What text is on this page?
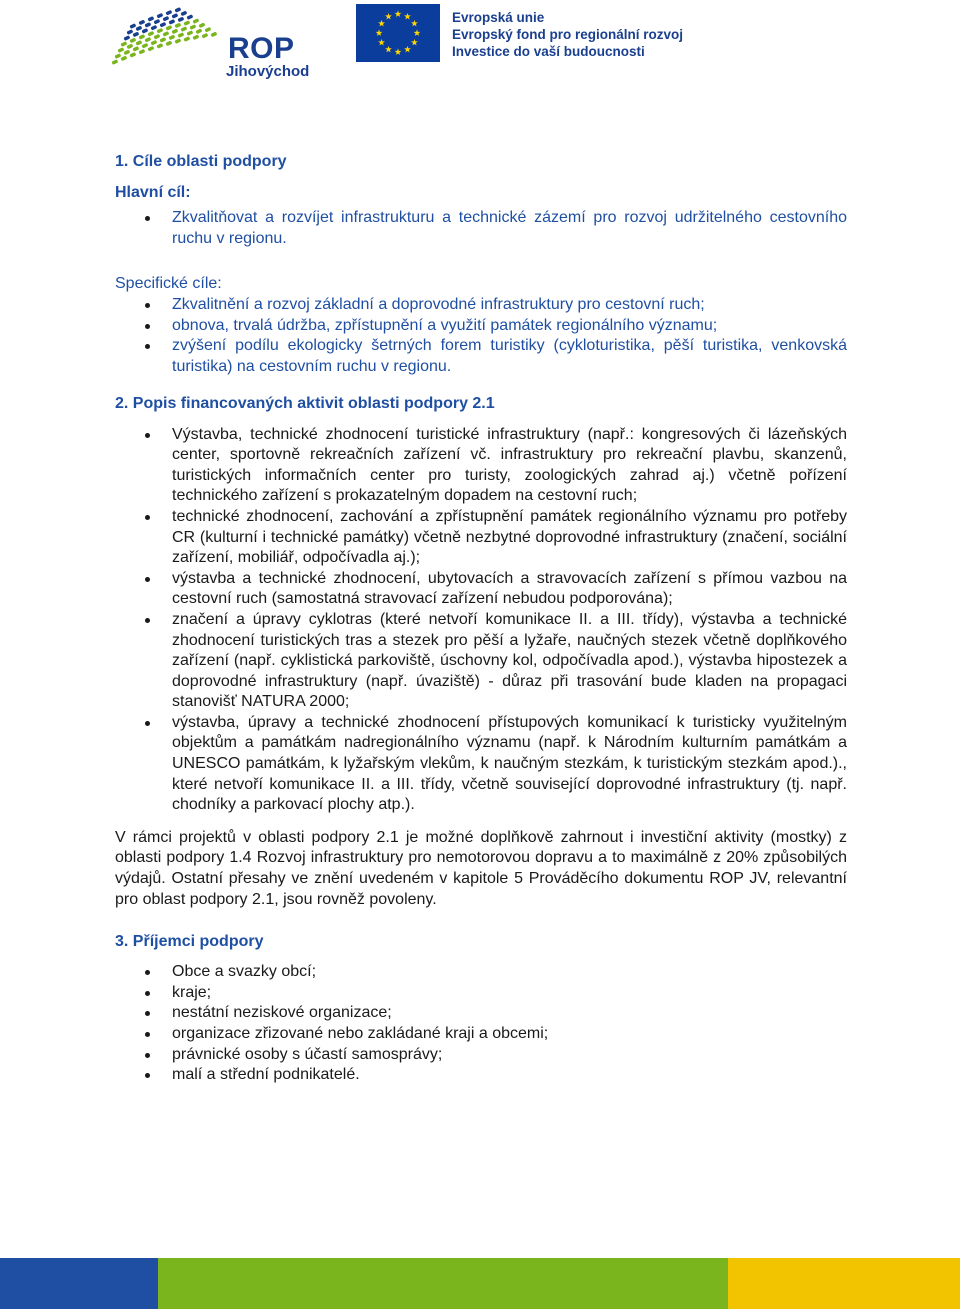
ROP
Jihovýchod
Evropská unie
Evropský fond pro regionální rozvoj
Investice do vaší budoucnosti
1. Cíle oblasti podpory
Hlavní cíl:
Zkvalitňovat a rozvíjet infrastrukturu a technické zázemí pro rozvoj udržitelného cestovního ruchu v regionu.
Specifické cíle:
Zkvalitnění a rozvoj základní a doprovodné infrastruktury pro cestovní ruch;
obnova, trvalá údržba, zpřístupnění a využití památek regionálního významu;
zvýšení podílu ekologicky šetrných forem turistiky (cykloturistika, pěší turistika, venkovská turistika) na cestovním ruchu v regionu.
2. Popis financovaných aktivit oblasti podpory 2.1
Výstavba, technické zhodnocení turistické infrastruktury (např.: kongresových či lázeňských center, sportovně rekreačních zařízení vč. infrastruktury pro rekreační plavbu, skanzenů, turistických informačních center pro turisty, zoologických zahrad aj.) včetně pořízení technického zařízení s prokazatelným dopadem na cestovní ruch;
technické zhodnocení, zachování a zpřístupnění památek regionálního významu pro potřeby CR (kulturní i technické památky) včetně nezbytné doprovodné infrastruktury (značení, sociální zařízení, mobiliář, odpočívadla aj.);
výstavba a technické zhodnocení, ubytovacích a stravovacích zařízení s přímou vazbou na cestovní ruch (samostatná stravovací zařízení nebudou podporována);
značení a úpravy cyklotras (které netvoří komunikace II. a III. třídy), výstavba a technické zhodnocení turistických tras a stezek pro pěší a lyžaře, naučných stezek včetně doplňkového zařízení (např. cyklistická parkoviště, úschovny kol, odpočívadla apod.), výstavba hipostezek a doprovodné infrastruktury (např. úvaziště) - důraz při trasování bude kladen na propagaci stanovišť NATURA 2000;
výstavba, úpravy a technické zhodnocení přístupových komunikací k turisticky využitelným objektům a památkám nadregionálního významu (např. k Národním kulturním památkám a UNESCO památkám, k lyžařským vlekům, k naučným stezkám, k turistickým stezkám apod.)., které netvoří komunikace II. a III. třídy, včetně související doprovodné infrastruktury (tj. např. chodníky a parkovací plochy atp.).

V rámci projektů v oblasti podpory 2.1 je možné doplňkově zahrnout i investiční aktivity (mostky) z oblasti podpory 1.4 Rozvoj infrastruktury pro nemotorovou dopravu a to maximálně z 20% způsobilých výdajů. Ostatní přesahy ve znění uvedeném v kapitole 5 Prováděcího dokumentu ROP JV, relevantní pro oblast podpory 2.1, jsou rovněž povoleny.

3. Příjemci podpory
Obce a svazky obcí;
kraje;
nestátní neziskové organizace;
organizace zřizované nebo zakládané kraji a obcemi;
právnické osoby s účastí samosprávy;
malí a střední podnikatelé.
